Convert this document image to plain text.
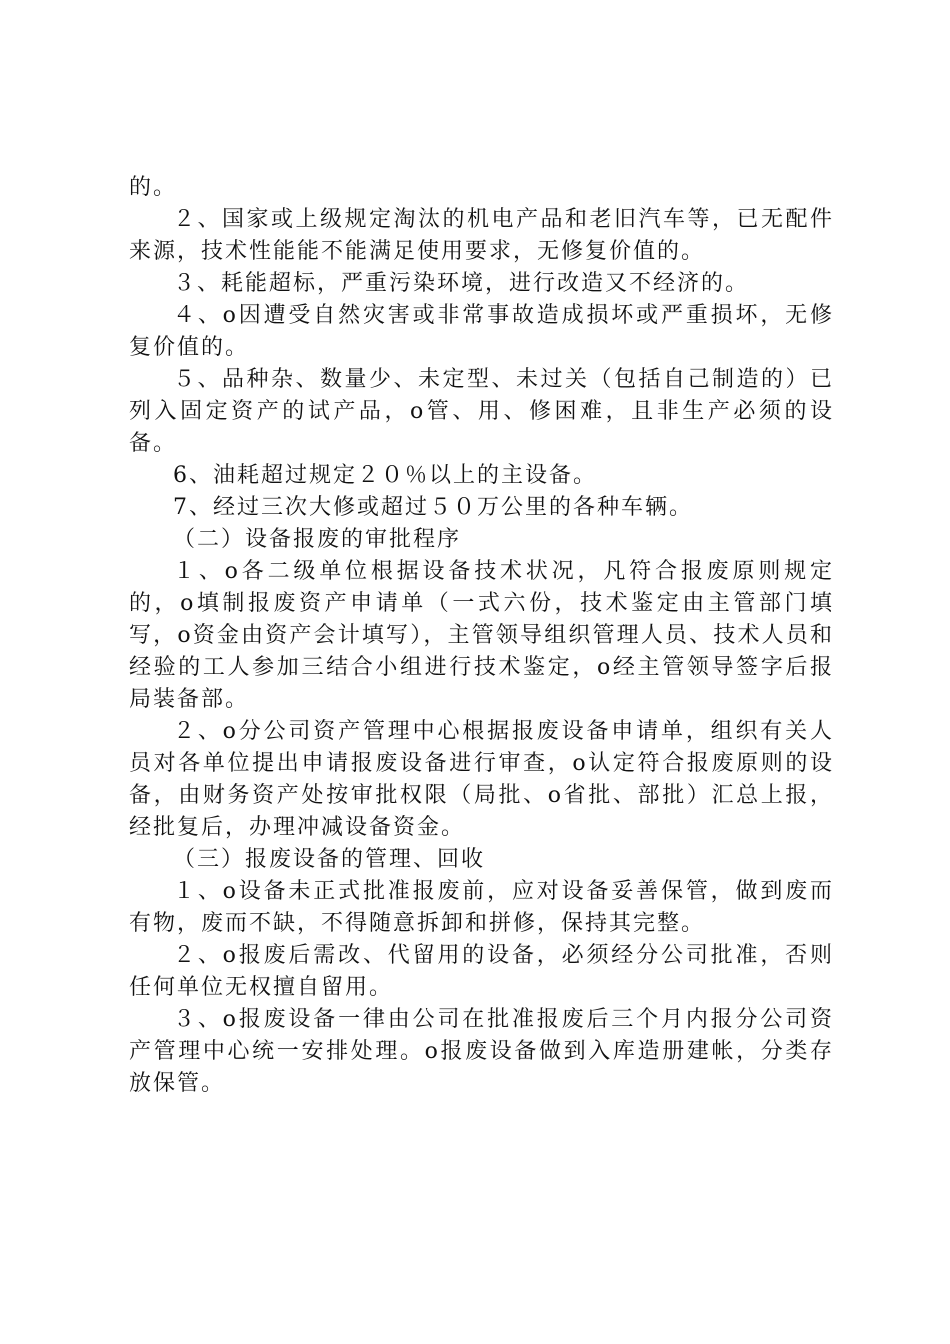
的。

２、国家或上级规定淘汰的机电产品和老旧汽车等，已无配件来源，技术性能能不能满足使用要求，无修复价值的。

３、耗能超标，严重污染环境，进行改造又不经济的。

４、o因遭受自然灾害或非常事故造成损坏或严重损坏，无修复价值的。

５、品种杂、数量少、未定型、未过关（包括自己制造的）已列入固定资产的试产品，o管、用、修困难，且非生产必须的设备。

6、油耗超过规定２０％以上的主设备。

7、经过三次大修或超过５０万公里的各种车辆。

（二）设备报废的审批程序

１、o各二级单位根据设备技术状况，凡符合报废原则规定的，o填制报废资产申请单（一式六份，技术鉴定由主管部门填写，o资金由资产会计填写），主管领导组织管理人员、技术人员和经验的工人参加三结合小组进行技术鉴定，o经主管领导签字后报局装备部。

２、o分公司资产管理中心根据报废设备申请单，组织有关人员对各单位提出申请报废设备进行审查，o认定符合报废原则的设备，由财务资产处按审批权限（局批、o省批、部批）汇总上报，经批复后，办理冲减设备资金。

（三）报废设备的管理、回收

１、o设备未正式批准报废前，应对设备妥善保管，做到废而有物，废而不缺，不得随意拆卸和拼修，保持其完整。

２、o报废后需改、代留用的设备，必须经分公司批准，否则任何单位无权擅自留用。

３、o报废设备一律由公司在批准报废后三个月内报分公司资产管理中心统一安排处理。o报废设备做到入库造册建帐，分类存放保管。
